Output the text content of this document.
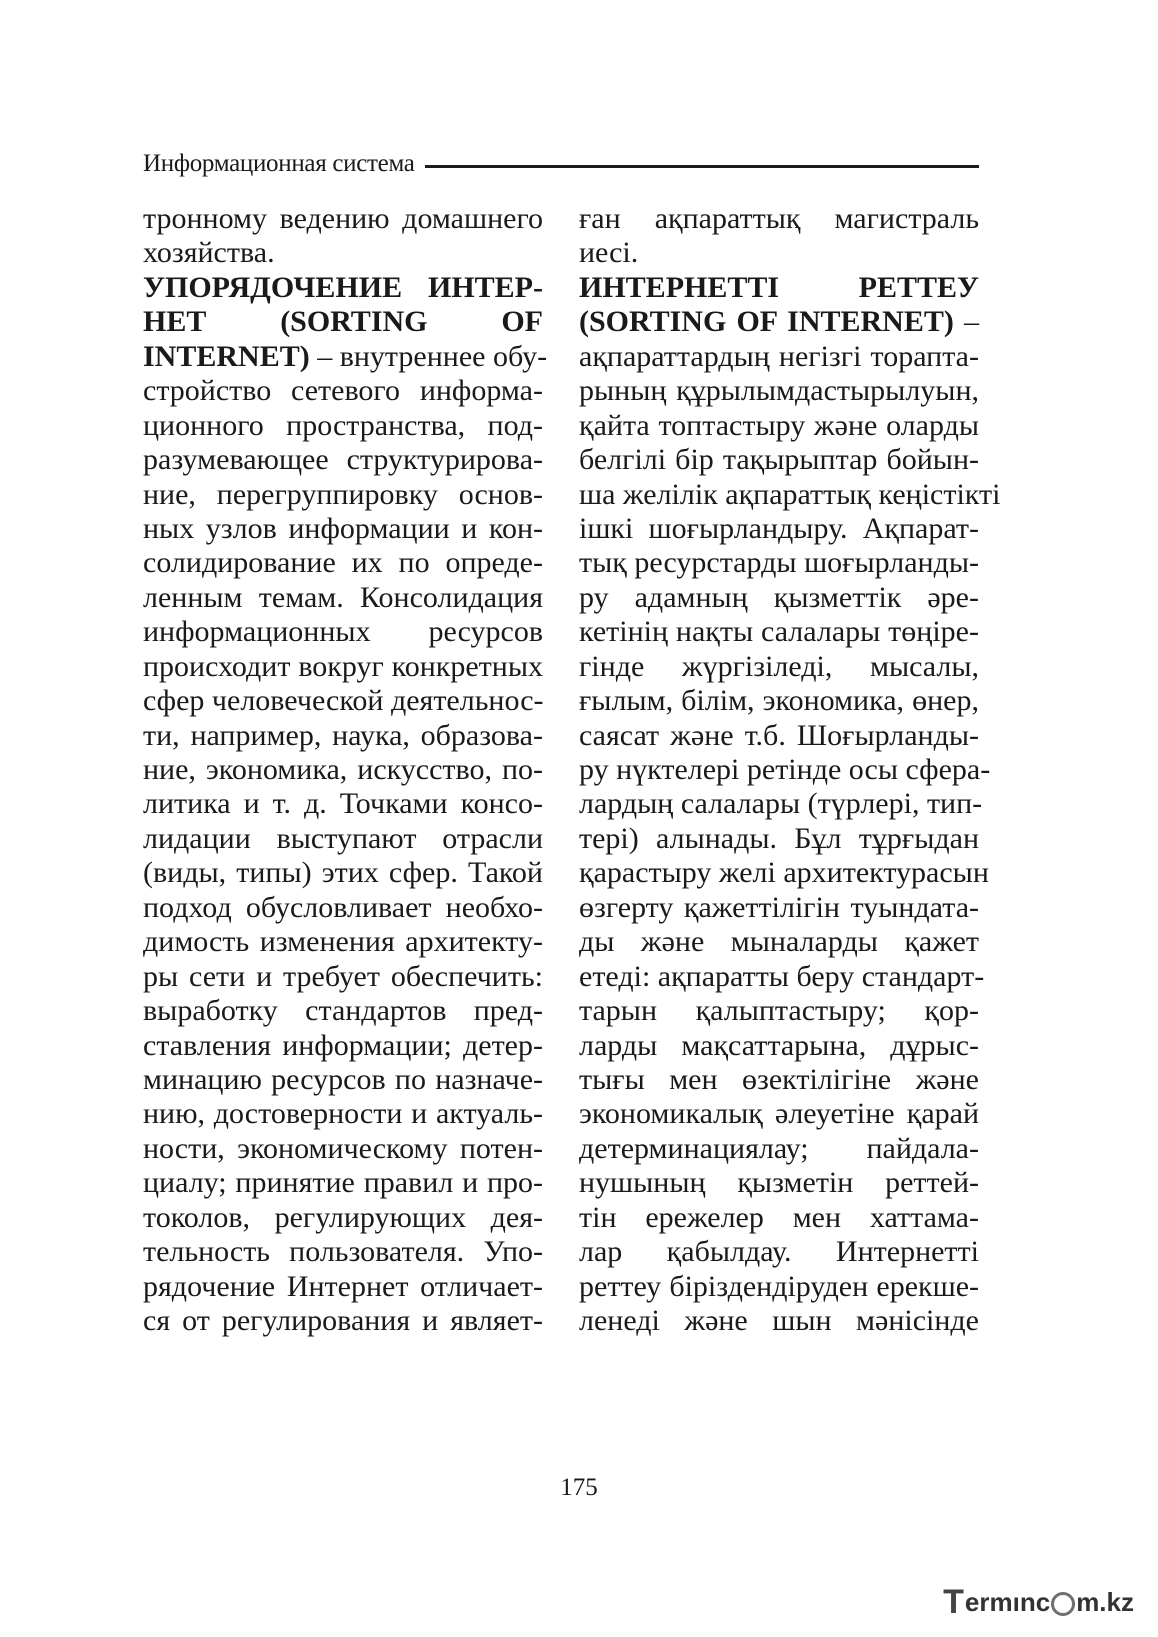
Информационная система
тронному ведению домашнего
хозяйства.
УПОРЯДОЧЕНИЕ ИНТЕР-
НЕТ (SORTING OF
INTERNET) – внутреннее обу-
стройство сетевого информа-
ционного пространства, под-
разумевающее структурирова-
ние, перегруппировку основ-
ных узлов информации и кон-
солидирование их по опреде-
ленным темам. Консолидация
информационных ресурсов
происходит вокруг конкретных
сфер человеческой деятельнос-
ти, например, наука, образова-
ние, экономика, искусство, по-
литика и т. д. Точками консо-
лидации выступают отрасли
(виды, типы) этих сфер. Такой
подход обусловливает необхо-
димость изменения архитекту-
ры сети и требует обеспечить:
выработку стандартов пред-
ставления информации; детер-
минацию ресурсов по назначе-
нию, достоверности и актуаль-
ности, экономическому потен-
циалу; принятие правил и про-
токолов, регулирующих дея-
тельность пользователя. Упо-
рядочение Интернет отличает-
ся от регулирования и являет-
ған ақпараттық магистраль
иесі.
ИНТЕРНЕТТІ РЕТТЕУ
(SORTING OF INTERNET) –
ақпараттардың негізгі торапта-
рының құрылымдастырылуын,
қайта топтастыру және оларды
белгілі бір тақырыптар бойын-
ша желілік ақпараттық кеңістікті
ішкі шоғырландыру. Ақпарат-
тық ресурстарды шоғырланды-
ру адамның қызметтік әре-
кетінің нақты салалары төңіре-
гінде жүргізіледі, мысалы,
ғылым, білім, экономика, өнер,
саясат және т.б. Шоғырланды-
ру нүктелері ретінде осы сфера-
лардың салалары (түрлері, тип-
тері) алынады. Бұл тұрғыдан
қарастыру желі архитектурасын
өзгерту қажеттілігін туындата-
ды және мыналарды қажет
етеді: ақпаратты беру стандарт-
тарын қалыптастыру; қор-
ларды мақсаттарына, дұрыс-
тығы мен өзектілігіне және
экономикалық әлеуетіне қарай
детерминациялау; пайдала-
нушының қызметін реттей-
тін ережелер мен хаттама-
лар қабылдау. Интернетті
реттеу біріздендіруден ерекше-
ленеді және шын мәнісінде
175
T ermınc m.kz
